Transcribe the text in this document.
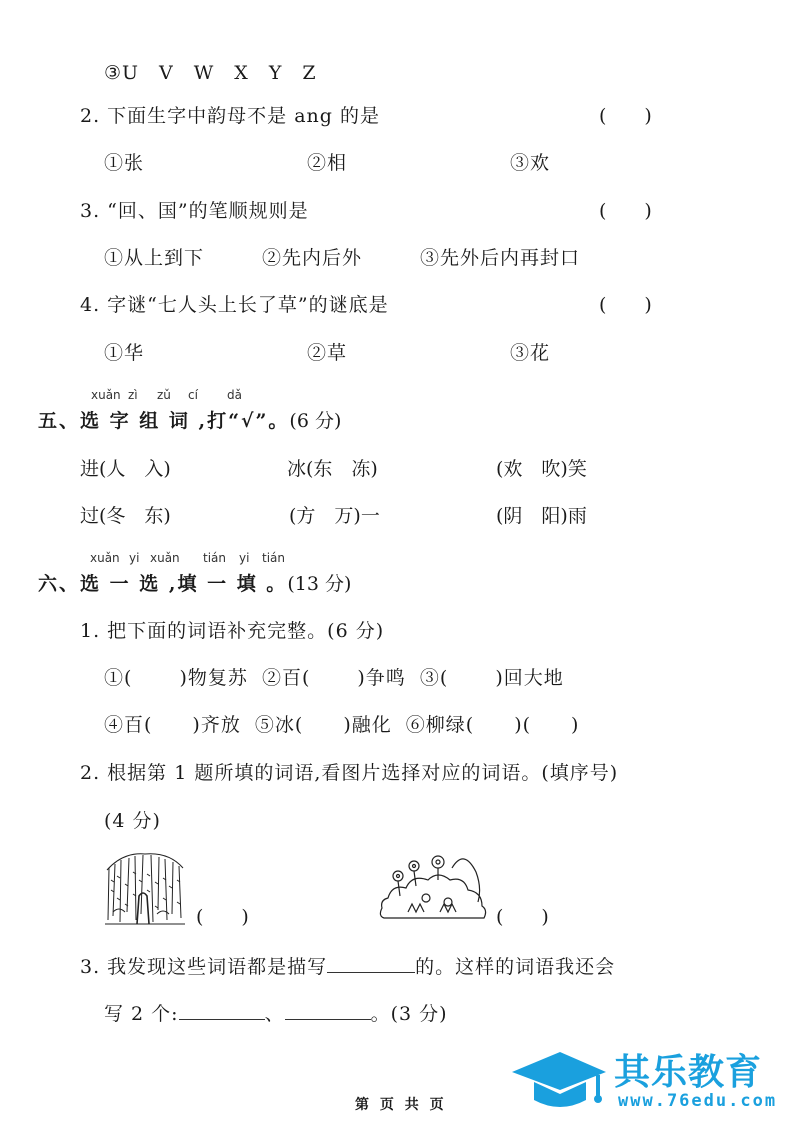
③U　V　W　X　Y　Z
2. 下面生字中韵母不是 ang 的是	(　　)
①张	②相	③欢
3. “回、国”的笔顺规则是	(　　)
①从上到下	②先内后外	③先外后内再封口
4. 字谜“七人头上长了草”的谜底是	(　　)
①华	②草	③花
xuǎn zì zǔ cí dǎ
五、选 字 组 词 ,打“√”。(6 分)
进(人　入)	冰(东　冻)	(欢　吹)笑
过(冬　东)	(方　万)一	(阴　阳)雨
xuǎn yi xuǎn tián yi tián
六、选 一 选 ,填 一 填 。(13 分)
1. 把下面的词语补充完整。(6 分)
①(　　 )物复苏  ②百(　　 )争鸣  ③(　　 )回大地
④百(　　)齐放  ⑤冰(　　)融化  ⑥柳绿(　　)(　　)
2. 根据第 1 题所填的词语,看图片选择对应的词语。(填序号)
(4 分)
(　　)	(　　)
3. 我发现这些词语都是描写	的。这样的词语我还会
写 2 个:	、	。(3 分)
第 页 共 页
其乐教育
www.76edu.com
